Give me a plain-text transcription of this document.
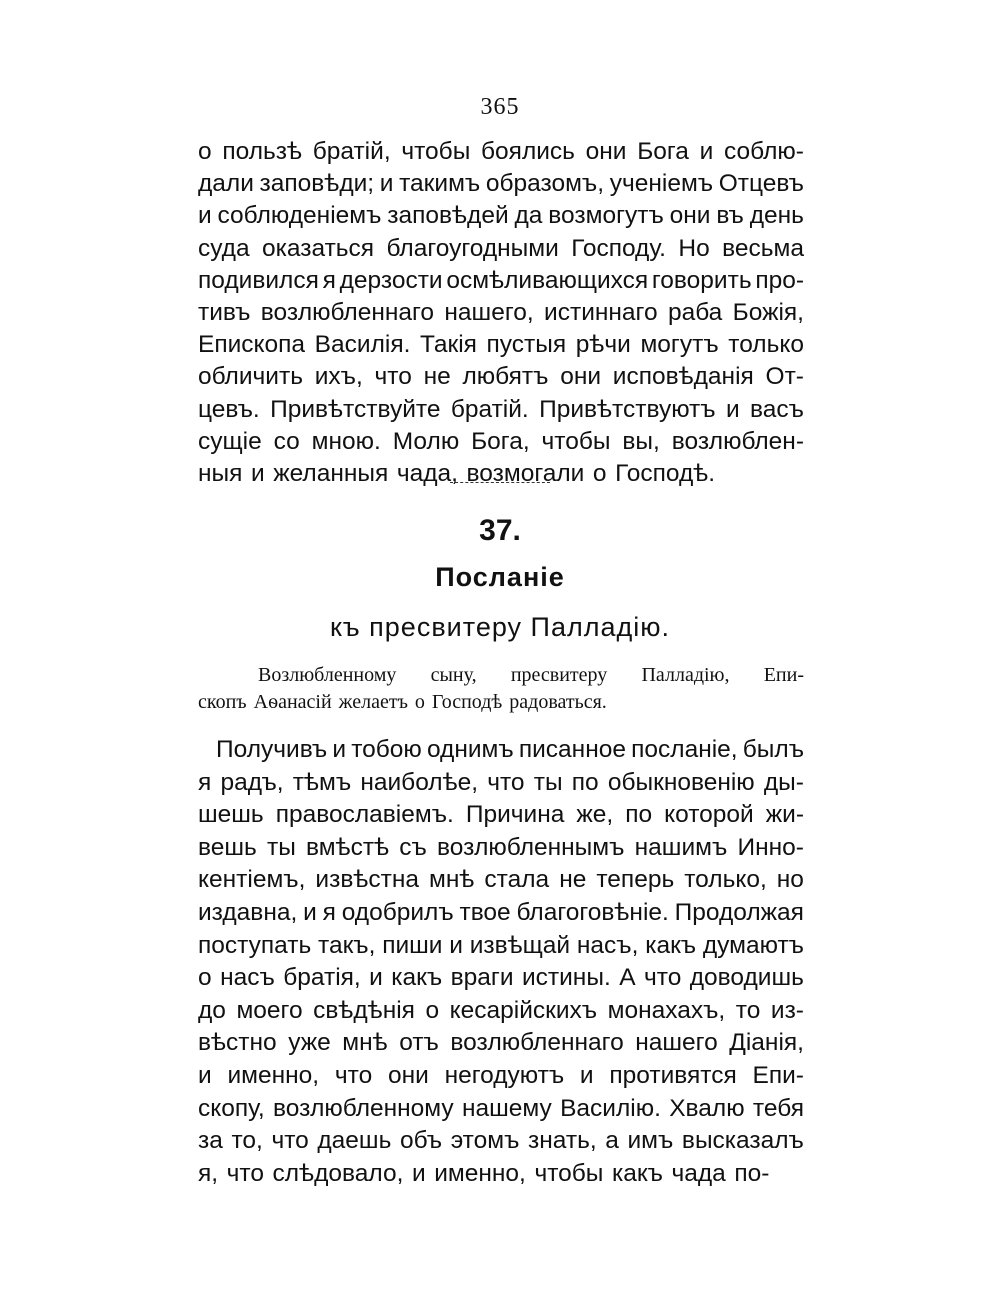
365
о пользѣ братій, чтобы боялись они Бога и соблю-
дали заповѣди; и такимъ образомъ, ученіемъ Отцевъ
и соблюденіемъ заповѣдей да возмогутъ они въ день
суда оказаться благоугодными Господу. Но весьма
подивился я дерзости осмѣливающихся говорить про-
тивъ возлюбленнаго нашего, истиннаго раба Божія,
Епископа Василія. Такія пустыя рѣчи могутъ только
обличить ихъ, что не любятъ они исповѣданія От-
цевъ. Привѣтствуйте братій. Привѣтствуютъ и васъ
сущіе со мною. Молю Бога, чтобы вы, возлюблен-
ныя и желанныя чада, возмогали о Господѣ.
37.
Посланіе
къ пресвитеру Палладію.
Возлюбленному сыну, пресвитеру Палладію, Епи-
скопъ Аѳанасій желаетъ о Господѣ радоваться.
Получивъ и тобою однимъ писанное посланіе, былъ
я радъ, тѣмъ наиболѣе, что ты по обыкновенію ды-
шешь православіемъ. Причина же, по которой жи-
вешь ты вмѣстѣ съ возлюбленнымъ нашимъ Инно-
кентіемъ, извѣстна мнѣ стала не теперь только, но
издавна, и я одобрилъ твое благоговѣніе. Продолжая
поступать такъ, пиши и извѣщай насъ, какъ думаютъ
о насъ братія, и какъ враги истины. А что доводишь
до моего свѣдѣнія о кесарійскихъ монахахъ, то из-
вѣстно уже мнѣ отъ возлюбленнаго нашего Діанія,
и именно, что они негодуютъ и противятся Епи-
скопу, возлюбленному нашему Василію. Хвалю тебя
за то, что даешь объ этомъ знать, а имъ высказалъ
я, что слѣдовало, и именно, чтобы какъ чада по-
